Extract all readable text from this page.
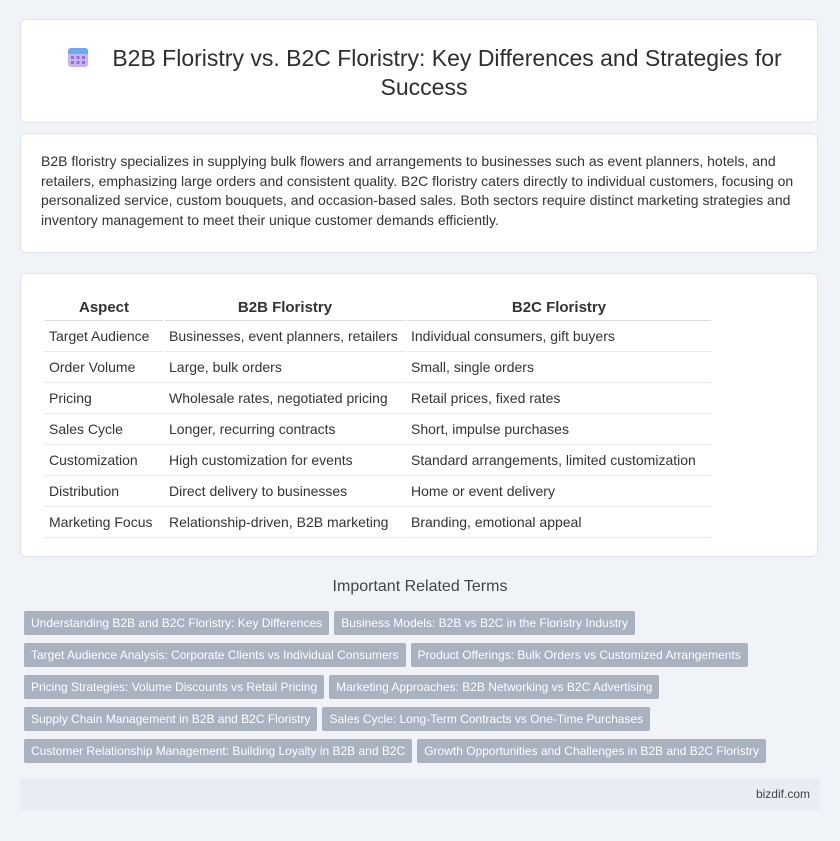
B2B Floristry vs. B2C Floristry: Key Differences and Strategies for Success
B2B floristry specializes in supplying bulk flowers and arrangements to businesses such as event planners, hotels, and retailers, emphasizing large orders and consistent quality. B2C floristry caters directly to individual customers, focusing on personalized service, custom bouquets, and occasion-based sales. Both sectors require distinct marketing strategies and inventory management to meet their unique customer demands efficiently.
Aspect	B2B Floristry	B2C Floristry
Target Audience	Businesses, event planners, retailers	Individual consumers, gift buyers
Order Volume	Large, bulk orders	Small, single orders
Pricing	Wholesale rates, negotiated pricing	Retail prices, fixed rates
Sales Cycle	Longer, recurring contracts	Short, impulse purchases
Customization	High customization for events	Standard arrangements, limited customization
Distribution	Direct delivery to businesses	Home or event delivery
Marketing Focus	Relationship-driven, B2B marketing	Branding, emotional appeal
Important Related Terms
Understanding B2B and B2C Floristry: Key Differences Business Models: B2B vs B2C in the Floristry Industry
Target Audience Analysis: Corporate Clients vs Individual Consumers Product Offerings: Bulk Orders vs Customized Arrangements
Pricing Strategies: Volume Discounts vs Retail Pricing Marketing Approaches: B2B Networking vs B2C Advertising
Supply Chain Management in B2B and B2C Floristry Sales Cycle: Long-Term Contracts vs One-Time Purchases
Customer Relationship Management: Building Loyalty in B2B and B2C Growth Opportunities and Challenges in B2B and B2C Floristry
bizdif.com
